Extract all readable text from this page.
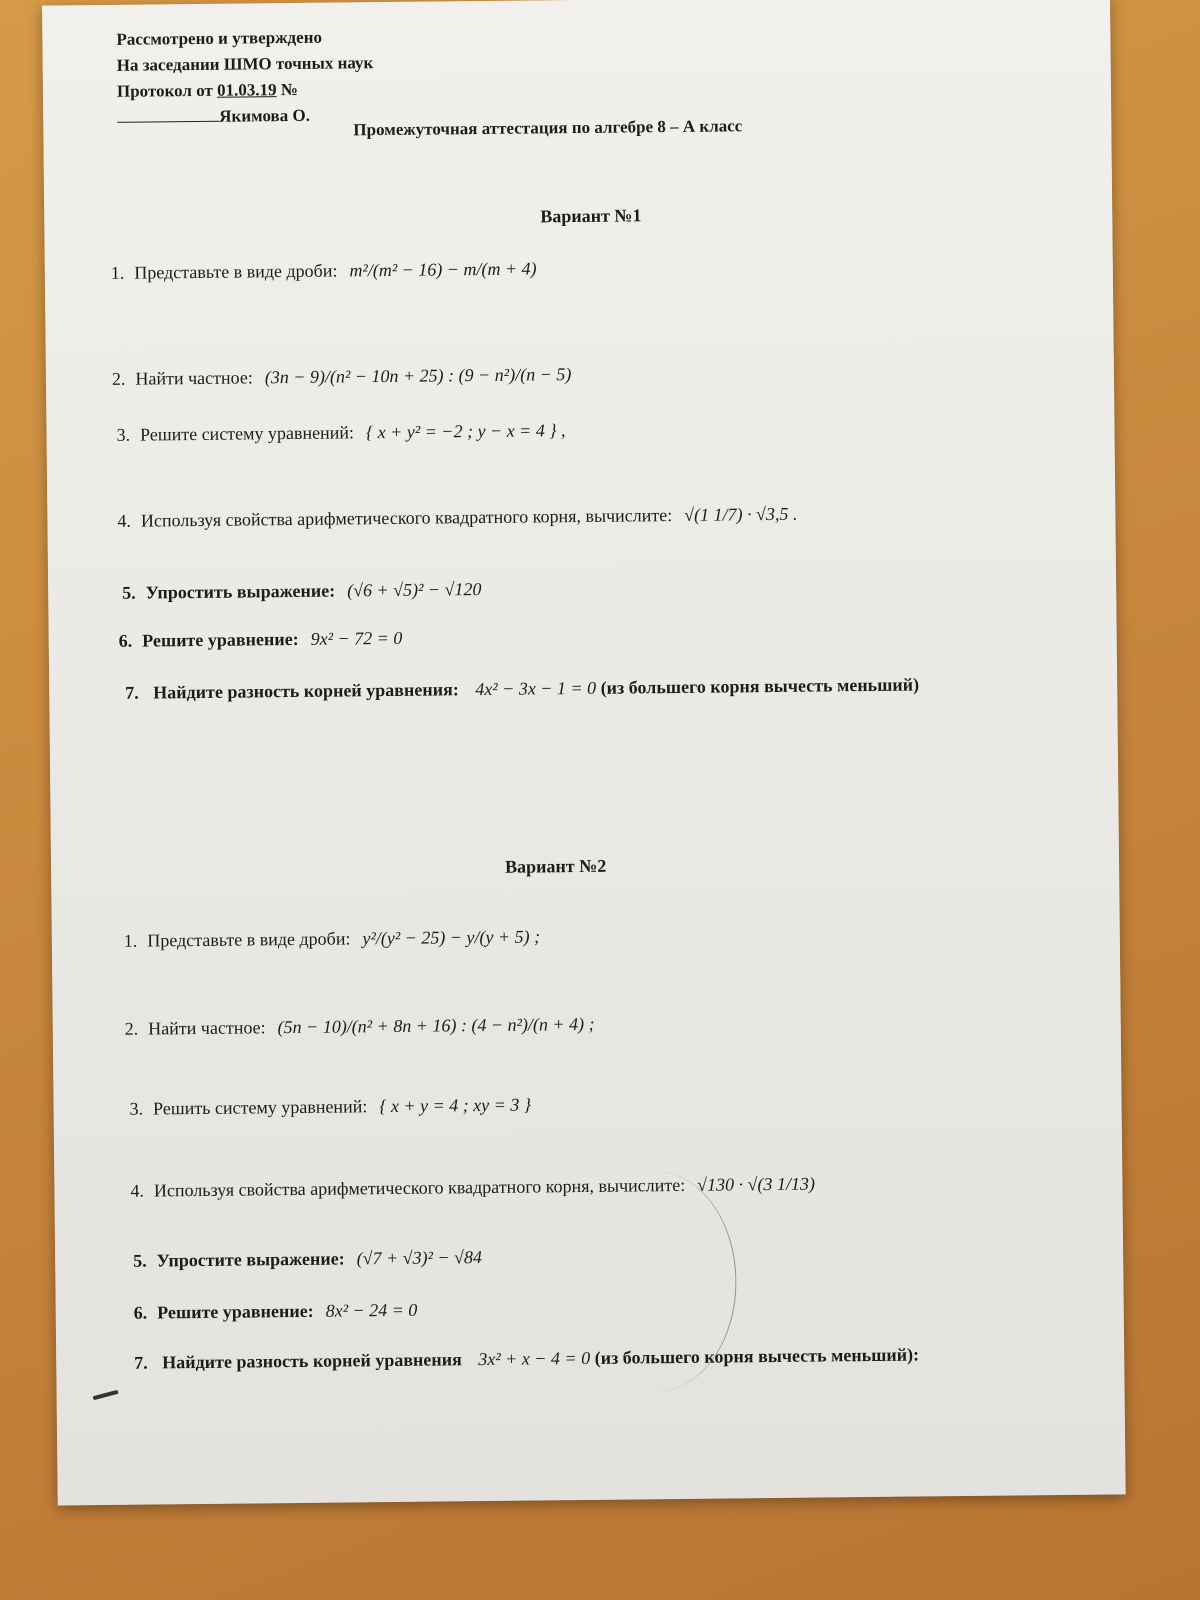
Рассмотрено и утверждено
На заседании ШМО точных наук
Протокол от 01.03.19 №
Якимова О.
Промежуточная аттестация по алгебре 8 – А класс
Вариант №1
1. Представьте в виде дроби: m²/(m² − 16) − m/(m + 4)
2. Найти частное: (3n − 9)/(n² − 10n + 25) : (9 − n²)/(n − 5)
3. Решите систему уравнений: { x + y² = −2 ; y − x = 4 } ,
4. Используя свойства арифметического квадратного корня, вычислите: √(1 1/7) · √3,5 .
5. Упростить выражение: (√6 + √5)² − √120
6. Решите уравнение: 9x² − 72 = 0
7. Найдите разность корней уравнения: 4x² − 3x − 1 = 0 (из большего корня вычесть меньший)
Вариант №2
1. Представьте в виде дроби: y²/(y² − 25) − y/(y + 5) ;
2. Найти частное: (5n − 10)/(n² + 8n + 16) : (4 − n²)/(n + 4) ;
3. Решить систему уравнений: { x + y = 4 ; xy = 3 }
4. Используя свойства арифметического квадратного корня, вычислите: √130 · √(3 1/13)
5. Упростите выражение: (√7 + √3)² − √84
6. Решите уравнение: 8x² − 24 = 0
7. Найдите разность корней уравнения 3x² + x − 4 = 0 (из большего корня вычесть меньший):
